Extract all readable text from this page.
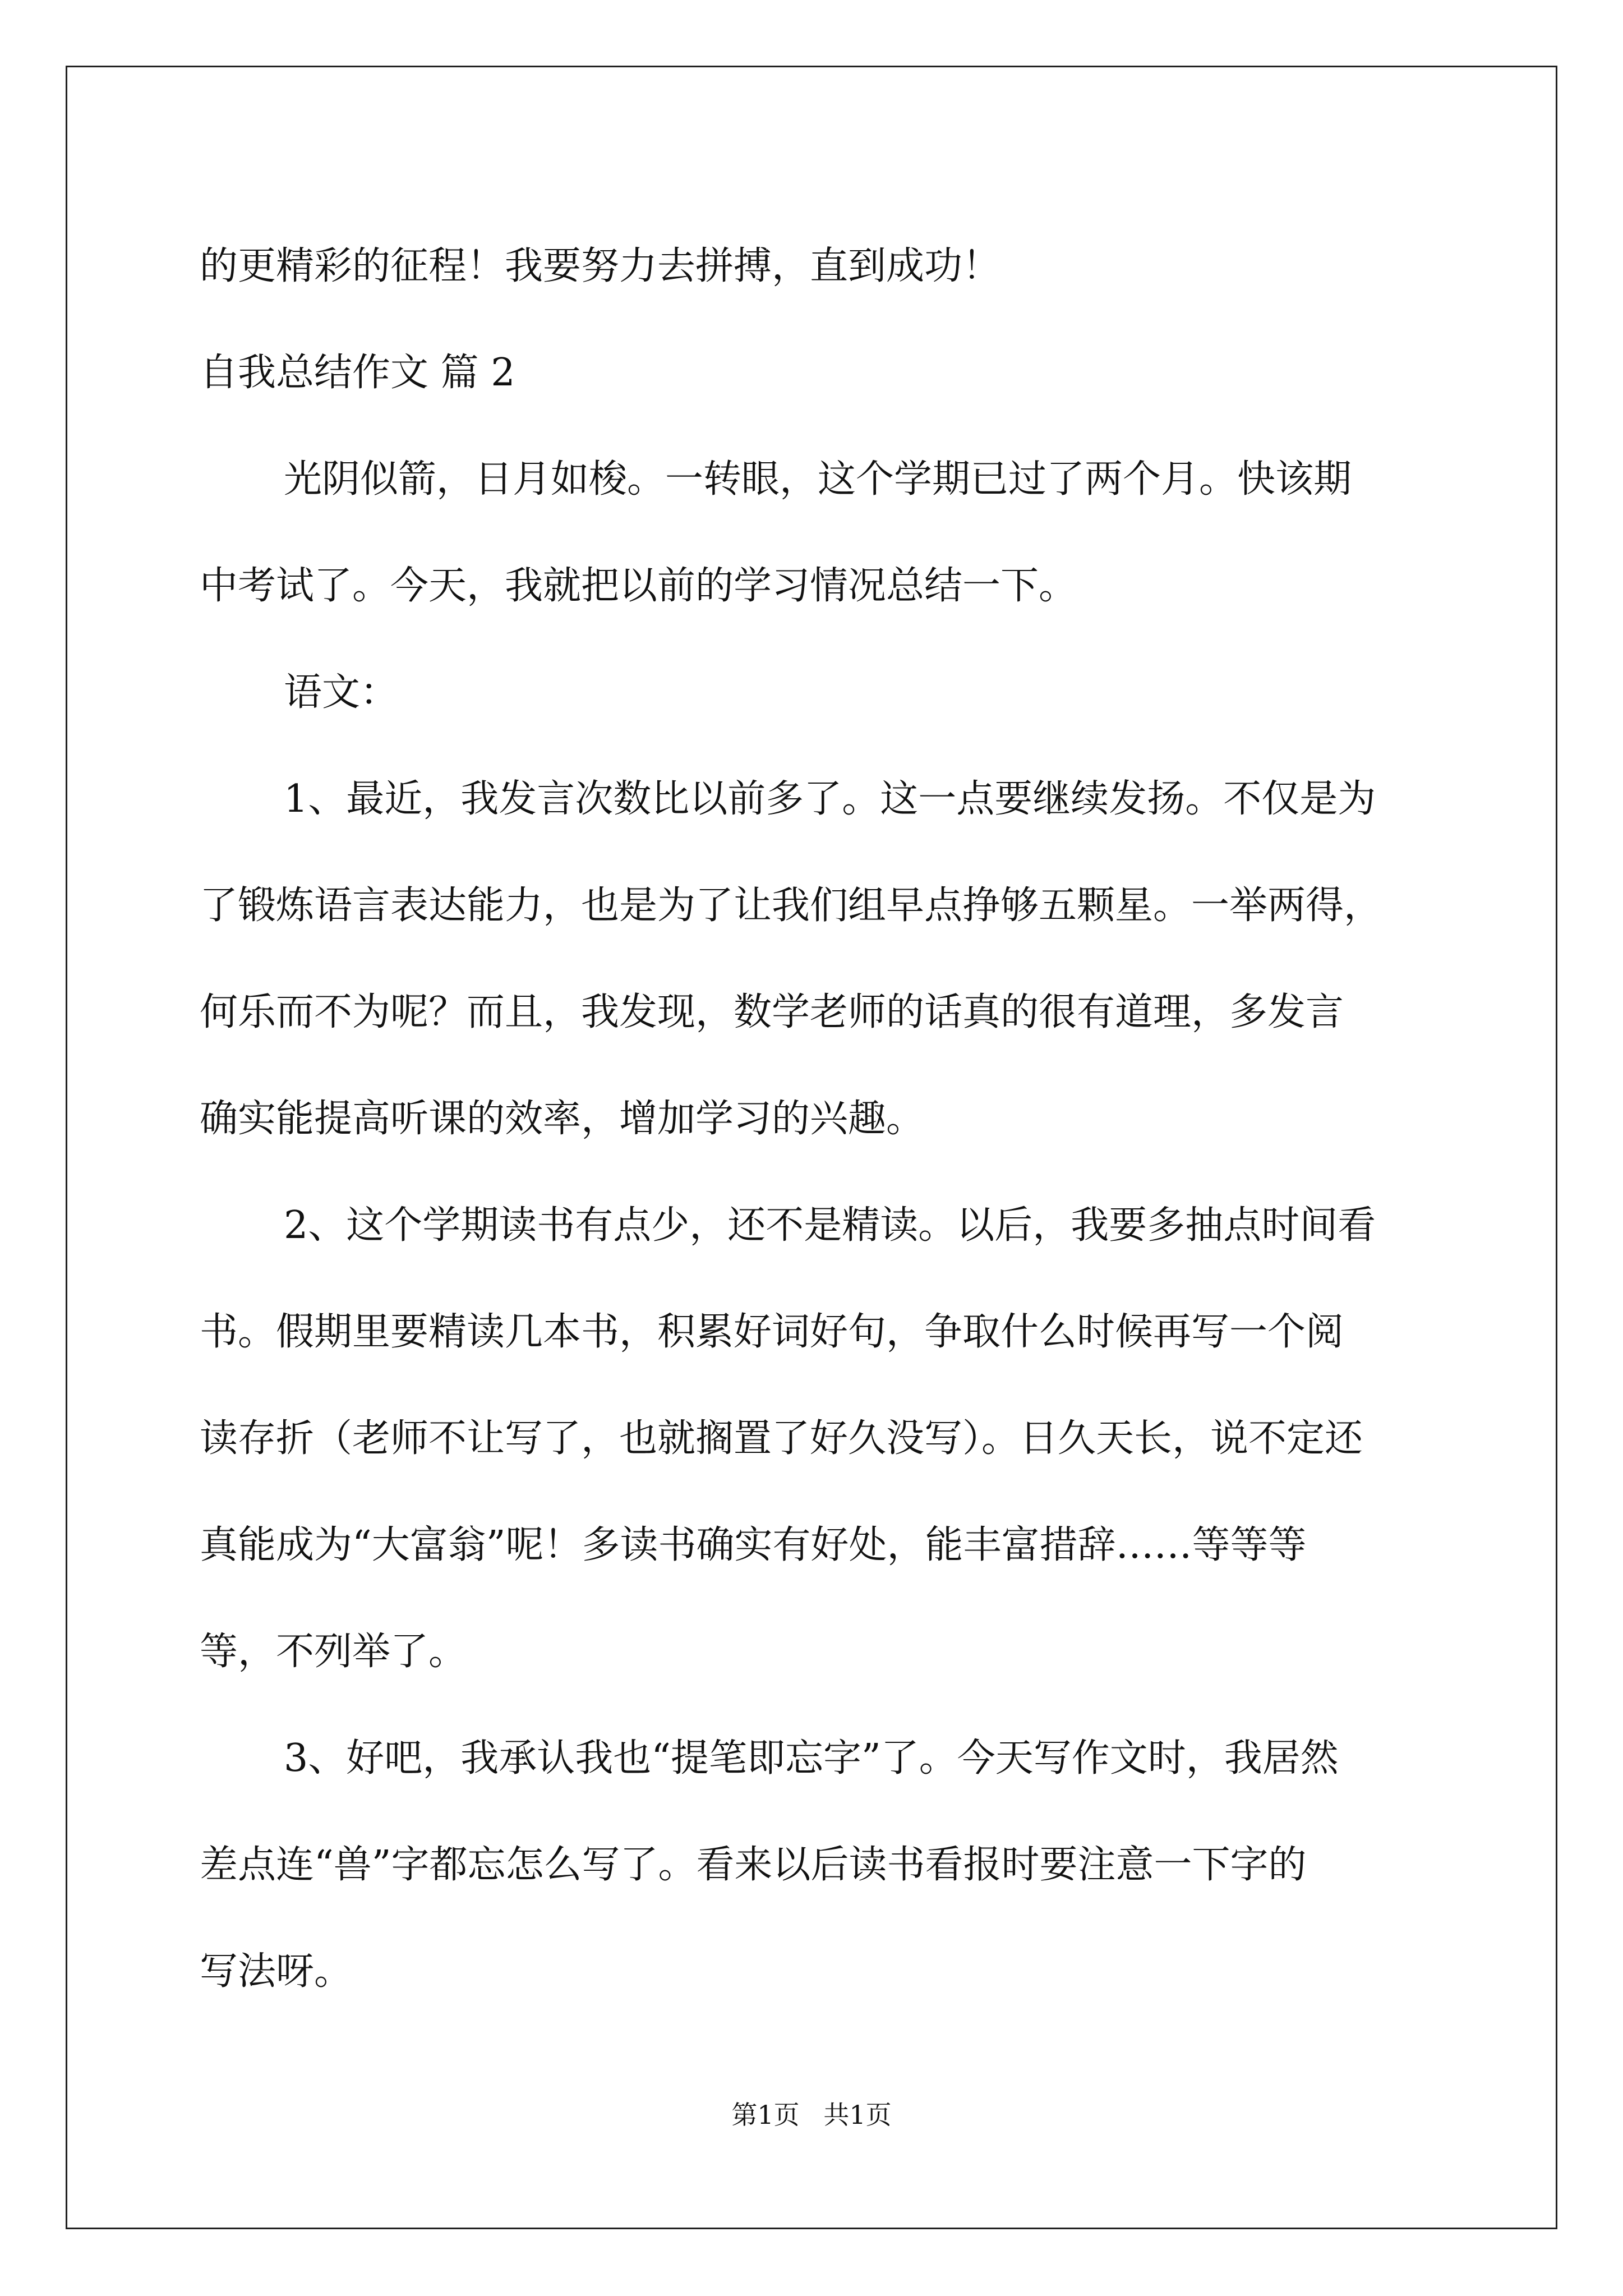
的更精彩的征程！我要努力去拼搏，直到成功！
自我总结作文 篇 2
光阴似箭，日月如梭。一转眼，这个学期已过了两个月。快该期
中考试了。今天，我就把以前的学习情况总结一下。
语文：
1、最近，我发言次数比以前多了。这一点要继续发扬。不仅是为
了锻炼语言表达能力，也是为了让我们组早点挣够五颗星。一举两得，
何乐而不为呢？而且，我发现，数学老师的话真的很有道理，多发言
确实能提高听课的效率，增加学习的兴趣。
2、这个学期读书有点少，还不是精读。以后，我要多抽点时间看
书。假期里要精读几本书，积累好词好句，争取什么时候再写一个阅
读存折（老师不让写了，也就搁置了好久没写）。日久天长，说不定还
真能成为“大富翁”呢！多读书确实有好处，能丰富措辞……等等等
等，不列举了。
3、好吧，我承认我也“提笔即忘字”了。今天写作文时，我居然
差点连“兽”字都忘怎么写了。看来以后读书看报时要注意一下字的
写法呀。
第1页 共1页
